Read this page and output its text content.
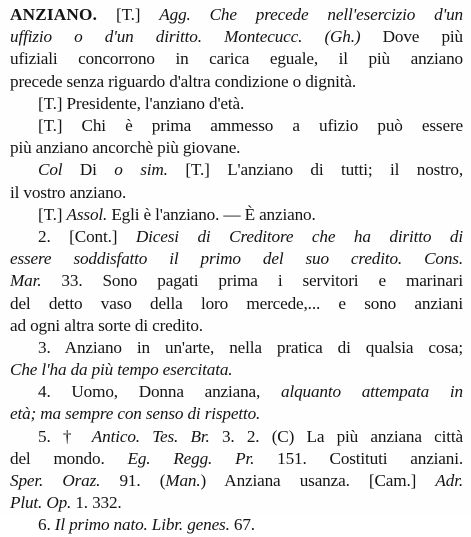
ANZIANO. [T.] Agg. Che precede nell'esercizio d'un
uffizio o d'un diritto. Montecucc. (Gh.) Dove più
ufiziali concorrono in carica eguale, il più anziano
precede senza riguardo d'altra condizione o dignità.
[T.] Presidente, l'anziano d'età.
[T.] Chi è prima ammesso a ufizio può essere
più anziano ancorchè più giovane.
Col Di o sim. [T.] L'anziano di tutti; il nostro,
il vostro anziano.
[T.] Assol. Egli è l'anziano. — È anziano.
2. [Cont.] Dicesi di Creditore che ha diritto di
essere soddisfatto il primo del suo credito. Cons.
Mar. 33. Sono pagati prima i servitori e marinari
del detto vaso della loro mercede,... e sono anziani
ad ogni altra sorte di credito.
3. Anziano in un'arte, nella pratica di qualsia cosa;
Che l'ha da più tempo esercitata.
4. Uomo, Donna anziana, alquanto attempata in
età; ma sempre con senso di rispetto.
5. † Antico. Tes. Br. 3. 2. (C) La più anziana città
del mondo. Eg. Regg. Pr. 151. Costituti anziani.
Sper. Oraz. 91. (Man.) Anziana usanza. [Cam.] Adr.
Plut. Op. 1. 332.
6. Il primo nato. Libr. genes. 67.
